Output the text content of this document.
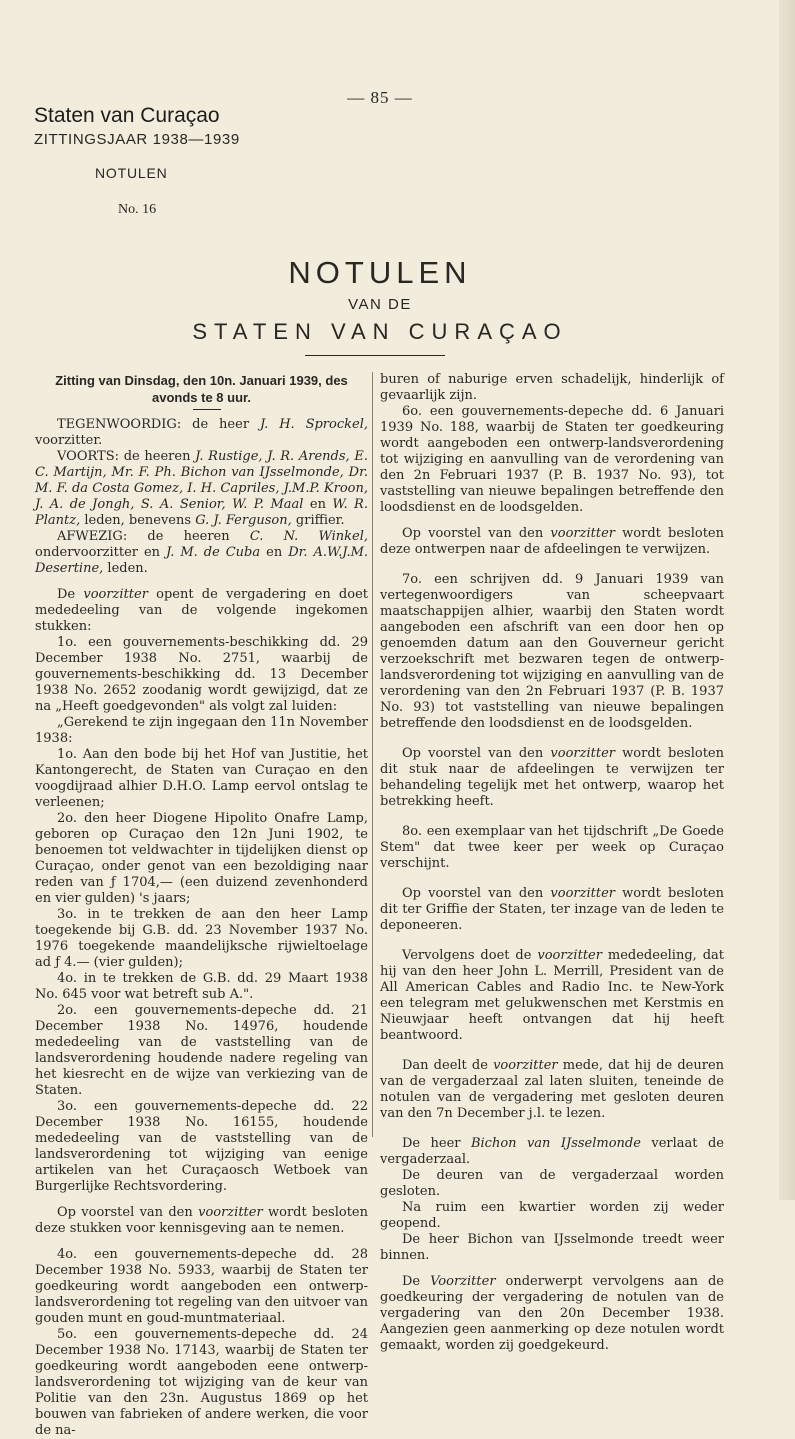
— 85 —
Staten van Curaçao
ZITTINGSJAAR 1938—1939
NOTULEN
No. 16
NOTULEN
VAN DE
STATEN VAN CURAÇAO
Zitting van Dinsdag, den 10n. Januari 1939, des
avonds te 8 uur.

TEGENWOORDIG: de heer J. H. Sprockel, voorzitter.

VOORTS: de heeren J. Rustige, J. R. Arends, E. C. Martijn, Mr. F. Ph. Bichon van IJsselmonde, Dr. M. F. da Costa Gomez, I. H. Capriles, J.M.P. Kroon, J. A. de Jongh, S. A. Senior, W. P. Maal en W. R. Plantz, leden, benevens G. J. Ferguson, griffier.

AFWEZIG: de heeren C. N. Winkel, ondervoorzitter en J. M. de Cuba en Dr. A.W.J.M. Desertine, leden.

De voorzitter opent de vergadering en doet mededeeling van de volgende ingekomen stukken:

1o. een gouvernements-beschikking dd. 29 December 1938 No. 2751, waarbij de gouvernements-beschikking dd. 13 December 1938 No. 2652 zoodanig wordt gewijzigd, dat ze na „Heeft goedgevonden" als volgt zal luiden:

„Gerekend te zijn ingegaan den 11n November 1938:

1o. Aan den bode bij het Hof van Justitie, het Kantongerecht, de Staten van Curaçao en den voogdijraad alhier D.H.O. Lamp eervol ontslag te verleenen;

2o. den heer Diogene Hipolito Onafre Lamp, geboren op Curaçao den 12n Juni 1902, te benoemen tot veldwachter in tijdelijken dienst op Curaçao, onder genot van een bezoldiging naar reden van ƒ 1704,— (een duizend zevenhonderd en vier gulden) 's jaars;

3o. in te trekken de aan den heer Lamp toegekende bij G.B. dd. 23 November 1937 No. 1976 toegekende maandelijksche rijwieltoelage ad ƒ 4.— (vier gulden);

4o. in te trekken de G.B. dd. 29 Maart 1938 No. 645 voor wat betreft sub A.".

2o. een gouvernements-depeche dd. 21 December 1938 No. 14976, houdende mededeeling van de vaststelling van de landsverordening houdende nadere regeling van het kiesrecht en de wijze van verkiezing van de Staten.

3o. een gouvernements-depeche dd. 22 December 1938 No. 16155, houdende mededeeling van de vaststelling van de landsverordening tot wijziging van eenige artikelen van het Curaçaosch Wetboek van Burgerlijke Rechtsvordering.

Op voorstel van den voorzitter wordt besloten deze stukken voor kennisgeving aan te nemen.

4o. een gouvernements-depeche dd. 28 December 1938 No. 5933, waarbij de Staten ter goedkeuring wordt aangeboden een ontwerp-landsverordening tot regeling van den uitvoer van gouden munt en goud-muntmateriaal.

5o. een gouvernements-depeche dd. 24 December 1938 No. 17143, waarbij de Staten ter goedkeuring wordt aangeboden eene ontwerp-landsverordening tot wijziging van de keur van Politie van den 23n. Augustus 1869 op het bouwen van fabrieken of andere werken, die voor de na-

buren of naburige erven schadelijk, hinderlijk of gevaarlijk zijn.

6o. een gouvernements-depeche dd. 6 Januari 1939 No. 188, waarbij de Staten ter goedkeuring wordt aangeboden een ontwerp-landsverordening tot wijziging en aanvulling van de verordening van den 2n Februari 1937 (P. B. 1937 No. 93), tot vaststelling van nieuwe bepalingen betreffende den loodsdienst en de loodsgelden.

Op voorstel van den voorzitter wordt besloten deze ontwerpen naar de afdeelingen te verwijzen.

7o. een schrijven dd. 9 Januari 1939 van vertegenwoordigers van scheepvaart maatschappijen alhier, waarbij den Staten wordt aangeboden een afschrift van een door hen op genoemden datum aan den Gouverneur gericht verzoekschrift met bezwaren tegen de ontwerp-landsverordening tot wijziging en aanvulling van de verordening van den 2n Februari 1937 (P. B. 1937 No. 93) tot vaststelling van nieuwe bepalingen betreffende den loodsdienst en de loodsgelden.

Op voorstel van den voorzitter wordt besloten dit stuk naar de afdeelingen te verwijzen ter behandeling tegelijk met het ontwerp, waarop het betrekking heeft.

8o. een exemplaar van het tijdschrift „De Goede Stem" dat twee keer per week op Curaçao verschijnt.

Op voorstel van den voorzitter wordt besloten dit ter Griffie der Staten, ter inzage van de leden te deponeeren.

Vervolgens doet de voorzitter mededeeling, dat hij van den heer John L. Merrill, President van de All American Cables and Radio Inc. te New-York een telegram met gelukwenschen met Kerstmis en Nieuwjaar heeft ontvangen dat hij heeft beantwoord.

Dan deelt de voorzitter mede, dat hij de deuren van de vergaderzaal zal laten sluiten, teneinde de notulen van de vergadering met gesloten deuren van den 7n December j.l. te lezen.

De heer Bichon van IJsselmonde verlaat de vergaderzaal.

De deuren van de vergaderzaal worden gesloten.

Na ruim een kwartier worden zij weder geopend.

De heer Bichon van IJsselmonde treedt weer binnen.

De Voorzitter onderwerpt vervolgens aan de goedkeuring der vergadering de notulen van de vergadering van den 20n December 1938. Aangezien geen aanmerking op deze notulen wordt gemaakt, worden zij goedgekeurd.
